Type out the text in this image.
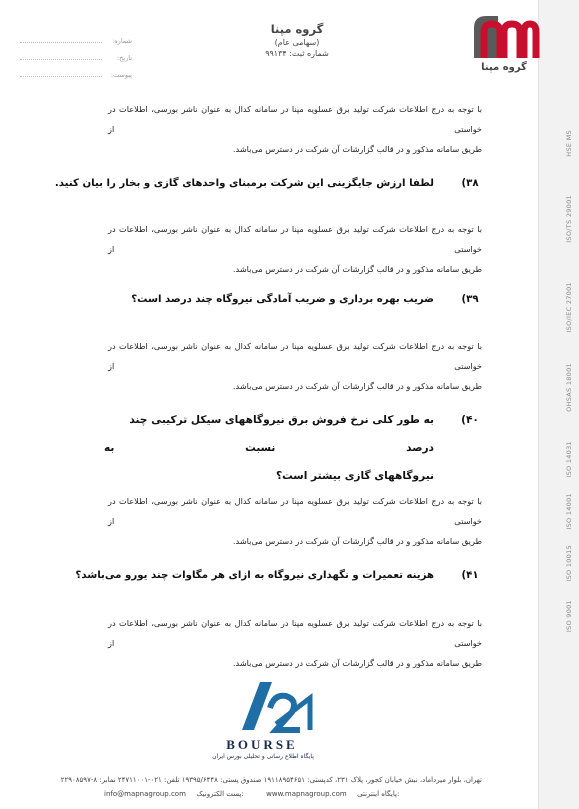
HSE MS
ISO/TS 29001
ISO/IEC 27001
OHSAS 18001
ISO 14031
ISO 14001
ISO 10015
ISO 9001
گروه مپنا
گروه مپنا
(سهامی عام)
شماره ثبت: ۹۹۱۳۴
شماره:
تاریخ:
پیوست:
با توجه به درج اطلاعات شرکت تولید برق عسلویه مپنا در سامانه کدال به عنوان ناشر بورسی، اطلاعات در خواستی از
طریق سامانه مذکور و در قالب گزارشات آن شرکت در دسترس می‌باشد.
۳۸)
لطفا ارزش جایگزینی این شرکت برمبنای واحدهای گازی و بخار را بیان کنید.
با توجه به درج اطلاعات شرکت تولید برق عسلویه مپنا در سامانه کدال به عنوان ناشر بورسی، اطلاعات در خواستی از
طریق سامانه مذکور و در قالب گزارشات آن شرکت در دسترس می‌باشد.
۳۹)
ضریب بهره برداری و ضریب آمادگی نیروگاه چند درصد است؟
با توجه به درج اطلاعات شرکت تولید برق عسلویه مپنا در سامانه کدال به عنوان ناشر بورسی، اطلاعات در خواستی از
طریق سامانه مذکور و در قالب گزارشات آن شرکت در دسترس می‌باشد.
۴۰)
به طور کلی نرخ فروش برق نیروگاههای سیکل ترکیبی چند درصد نسبت به
نیروگاههای گازی بیشتر است؟
با توجه به درج اطلاعات شرکت تولید برق عسلویه مپنا در سامانه کدال به عنوان ناشر بورسی، اطلاعات در خواستی از
طریق سامانه مذکور و در قالب گزارشات آن شرکت در دسترس می‌باشد.
۴۱)
هزینه تعمیرات و نگهداری نیروگاه به ازای هر مگاوات چند یورو می‌باشد؟
با توجه به درج اطلاعات شرکت تولید برق عسلویه مپنا در سامانه کدال به عنوان ناشر بورسی، اطلاعات در خواستی از
طریق سامانه مذکور و در قالب گزارشات آن شرکت در دسترس می‌باشد.
BOURSE
پایگاه اطلاع رسانی و تحلیلی بورس ایران
تهران، بلوار میرداماد، نبش خیابان کجور، پلاک ۲۳۱، کدپستی: ۱۹۱۱۸۹۵۴۶۵۱ صندوق پستی: ۱۹۳۹۵/۶۴۴۸ تلفن: ۰۲۱-۲۴۷۱۱۰۰۱ نمابر: ۸-۲۲۹۰۸۵۹۷
info@mapnagroup.com پست الکترونیک:	www.mapnagroup.com پایگاه اینترنتی:
